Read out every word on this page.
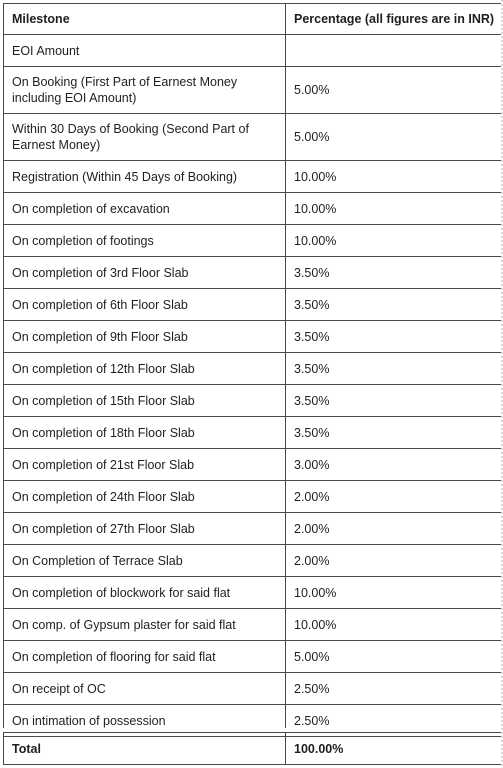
Milestone	Percentage (all figures are in INR)
EOI Amount	
On Booking (First Part of Earnest Money including EOI Amount)	5.00%
Within 30 Days of Booking (Second Part of Earnest Money)	5.00%
Registration (Within 45 Days of Booking)	10.00%
On completion of excavation	10.00%
On completion of footings	10.00%
On completion of 3rd Floor Slab	3.50%
On completion of 6th Floor Slab	3.50%
On completion of 9th Floor Slab	3.50%
On completion of 12th Floor Slab	3.50%
On completion of 15th Floor Slab	3.50%
On completion of 18th Floor Slab	3.50%
On completion of 21st Floor Slab	3.00%
On completion of 24th Floor Slab	2.00%
On completion of 27th Floor Slab	2.00%
On Completion of Terrace Slab	2.00%
On completion of blockwork for said flat	10.00%
On comp. of Gypsum plaster for said flat	10.00%
On completion of flooring for said flat	5.00%
On receipt of OC	2.50%
On intimation of possession	2.50%
Total	100.00%
